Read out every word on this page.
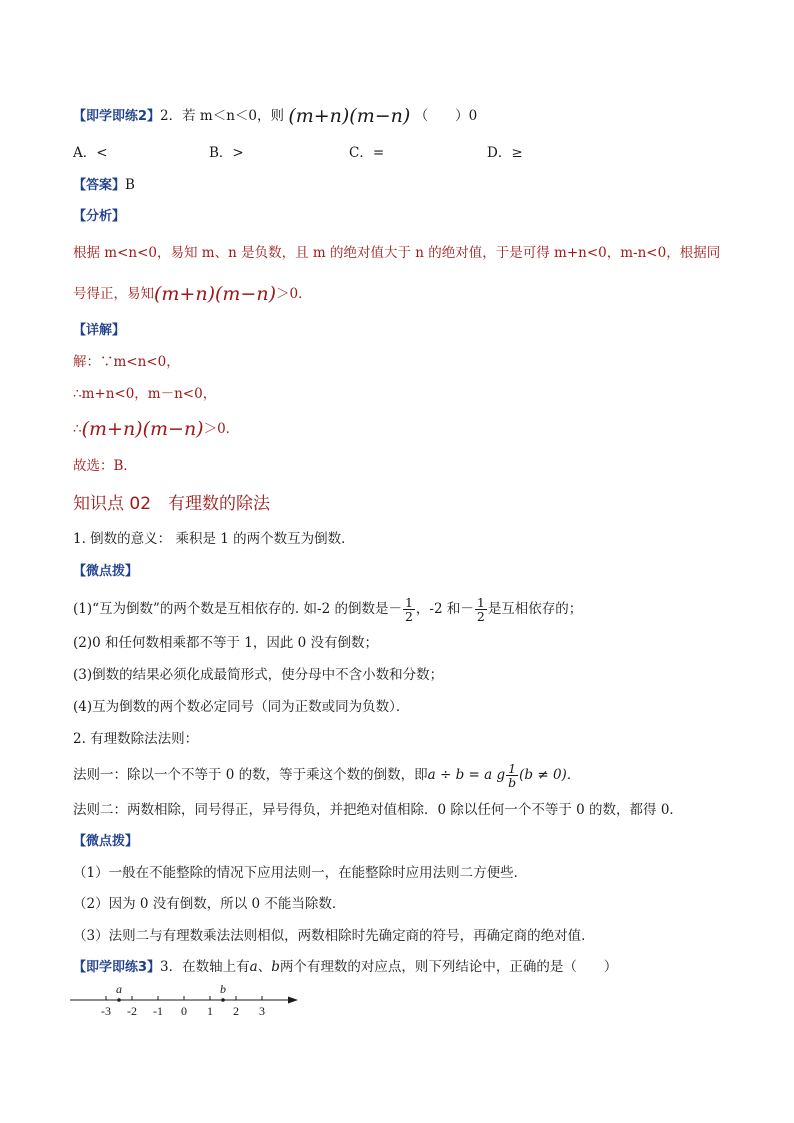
【即学即练2】2．若 m＜n＜0，则 (m+n)(m−n) （　　）0
A．<	B．>	C．=	D．≥
【答案】B
【分析】
根据 m<n<0，易知 m、n 是负数，且 m 的绝对值大于 n 的绝对值，于是可得 m+n<0，m-n<0，根据同
号得正，易知(m+n)(m−n)＞0．
【详解】
解：∵m<n<0，
∴m+n<0，m－n<0，
∴(m+n)(m−n)＞0．
故选：B．
知识点 02　有理数的除法
1. 倒数的意义： 乘积是 1 的两个数互为倒数．
【微点拨】
(1)“互为倒数”的两个数是互相依存的. 如-2 的倒数是－ $\frac{1}{2}$ ，-2 和－ $\frac{1}{2}$ 是互相依存的；
(2)0 和任何数相乘都不等于 1，因此 0 没有倒数；
(3)倒数的结果必须化成最简形式，使分母中不含小数和分数；
(4)互为倒数的两个数必定同号（同为正数或同为负数）．
2. 有理数除法法则：
法则一：除以一个不等于 0 的数，等于乘这个数的倒数，即a ÷ b = a g $\frac{1}{b} (b \ne 0)$．
法则二：两数相除，同号得正，异号得负，并把绝对值相除．0 除以任何一个不等于 0 的数，都得 0．
【微点拨】
（1）一般在不能整除的情况下应用法则一，在能整除时应用法则二方便些．
（2）因为 0 没有倒数，所以 0 不能当除数．
（3）法则二与有理数乘法法则相似，两数相除时先确定商的符号，再确定商的绝对值．
【即学即练3】3．在数轴上有a、b两个有理数的对应点，则下列结论中，正确的是（　　）
-3 -2 -1 0 1 2 3
a	b
